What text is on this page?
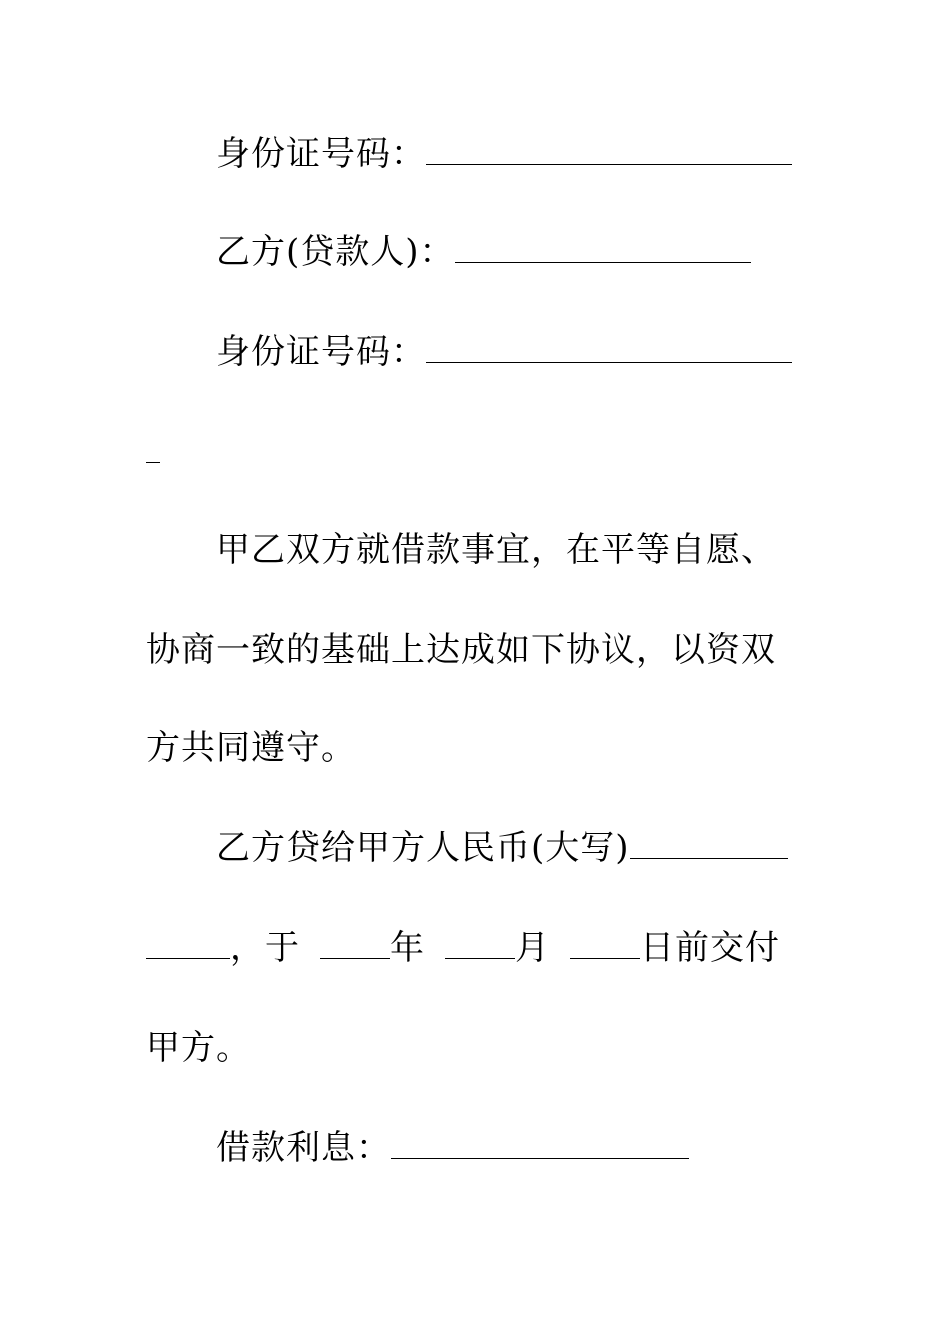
身份证号码：
乙方(贷款人)：
身份证号码：
甲乙双方就借款事宜，在平等自愿、
协商一致的基础上达成如下协议，以资双
方共同遵守。
乙方贷给甲方人民币(大写)
，于	年	月	日前交付
甲方。
借款利息：
